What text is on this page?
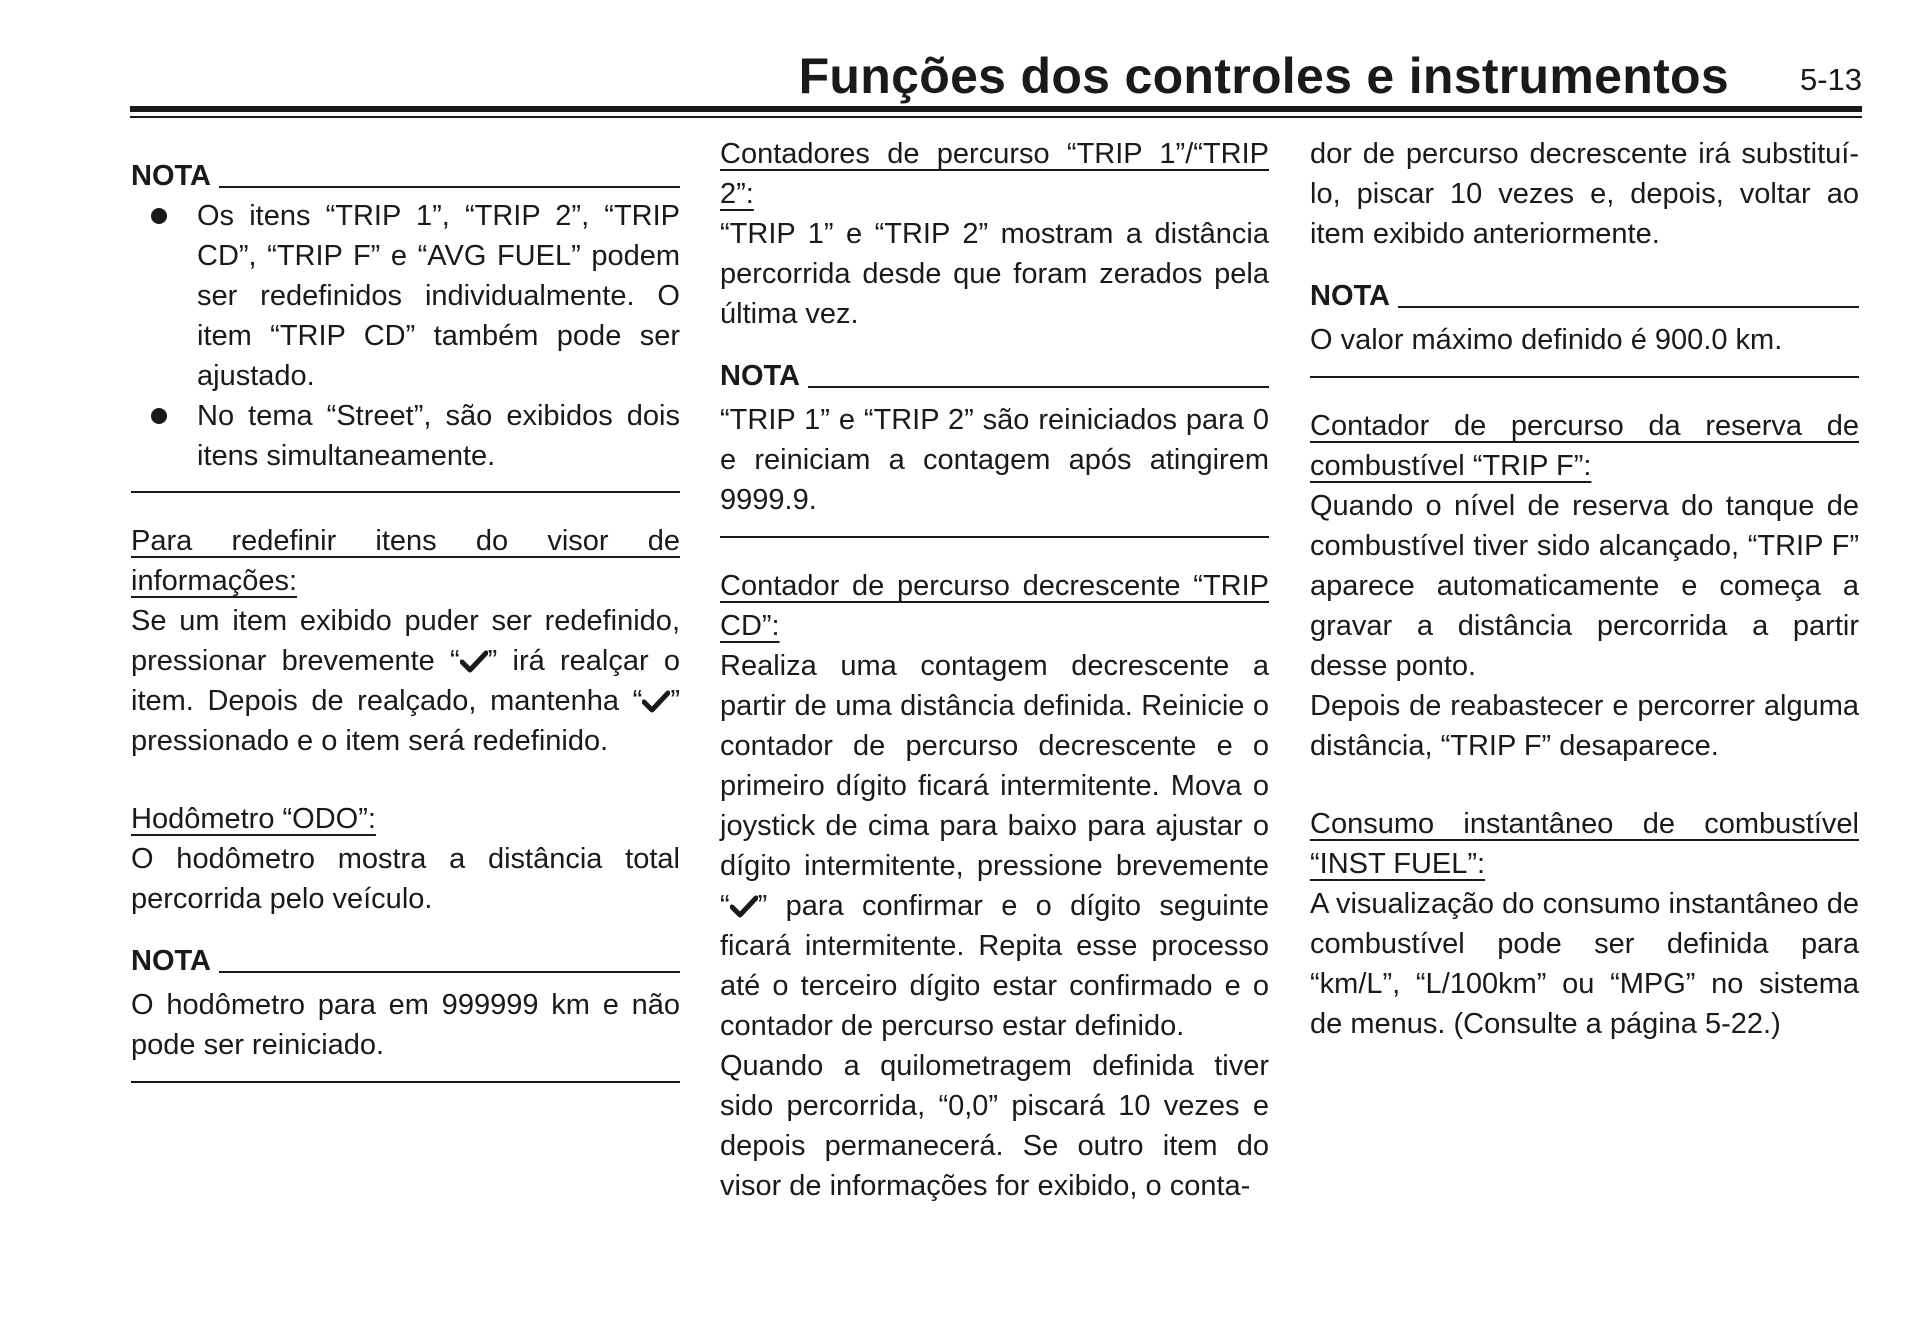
Funções dos controles e instrumentos 5-13
NOTA
Os itens “TRIP 1”, “TRIP 2”, “TRIP CD”, “TRIP F” e “AVG FUEL” podem ser redefinidos individualmente. O item “TRIP CD” também pode ser ajustado.
No tema “Street”, são exibidos dois itens simultaneamente.

Para redefinir itens do visor de informações:

Se um item exibido puder ser redefinido, pressionar brevemente “ ” irá realçar o item. Depois de realçado, mantenha “ ” pressionado e o item será redefinido.

Hodômetro “ODO”:

O hodômetro mostra a distância total percorrida pelo veículo.

NOTA

O hodômetro para em 999999 km e não pode ser reiniciado.

Contadores de percurso “TRIP 1”/“TRIP 2”:

“TRIP 1” e “TRIP 2” mostram a distância percorrida desde que foram zerados pela última vez.

NOTA

“TRIP 1” e “TRIP 2” são reiniciados para 0 e reiniciam a contagem após atingirem 9999.9.

Contador de percurso decrescente “TRIP CD”:

Realiza uma contagem decrescente a partir de uma distância definida. Reinicie o contador de percurso decrescente e o primeiro dígito ficará intermitente. Mova o joystick de cima para baixo para ajustar o dígito intermitente, pressione brevemente “ ” para confirmar e o dígito seguinte ficará intermitente. Repita esse processo até o terceiro dígito estar confirmado e o contador de percurso estar definido.

Quando a quilometragem definida tiver sido percorrida, “0,0” piscará 10 vezes e depois permanecerá. Se outro item do visor de informações for exibido, o conta-

dor de percurso decrescente irá substituí-lo, piscar 10 vezes e, depois, voltar ao item exibido anteriormente.

NOTA

O valor máximo definido é 900.0 km.

Contador de percurso da reserva de combustível “TRIP F”:

Quando o nível de reserva do tanque de combustível tiver sido alcançado, “TRIP F” aparece automaticamente e começa a gravar a distância percorrida a partir desse ponto.

Depois de reabastecer e percorrer alguma distância, “TRIP F” desaparece.

Consumo instantâneo de combustível “INST FUEL”:

A visualização do consumo instantâneo de combustível pode ser definida para “km/L”, “L/100km” ou “MPG” no sistema de menus. (Consulte a página 5-22.)
